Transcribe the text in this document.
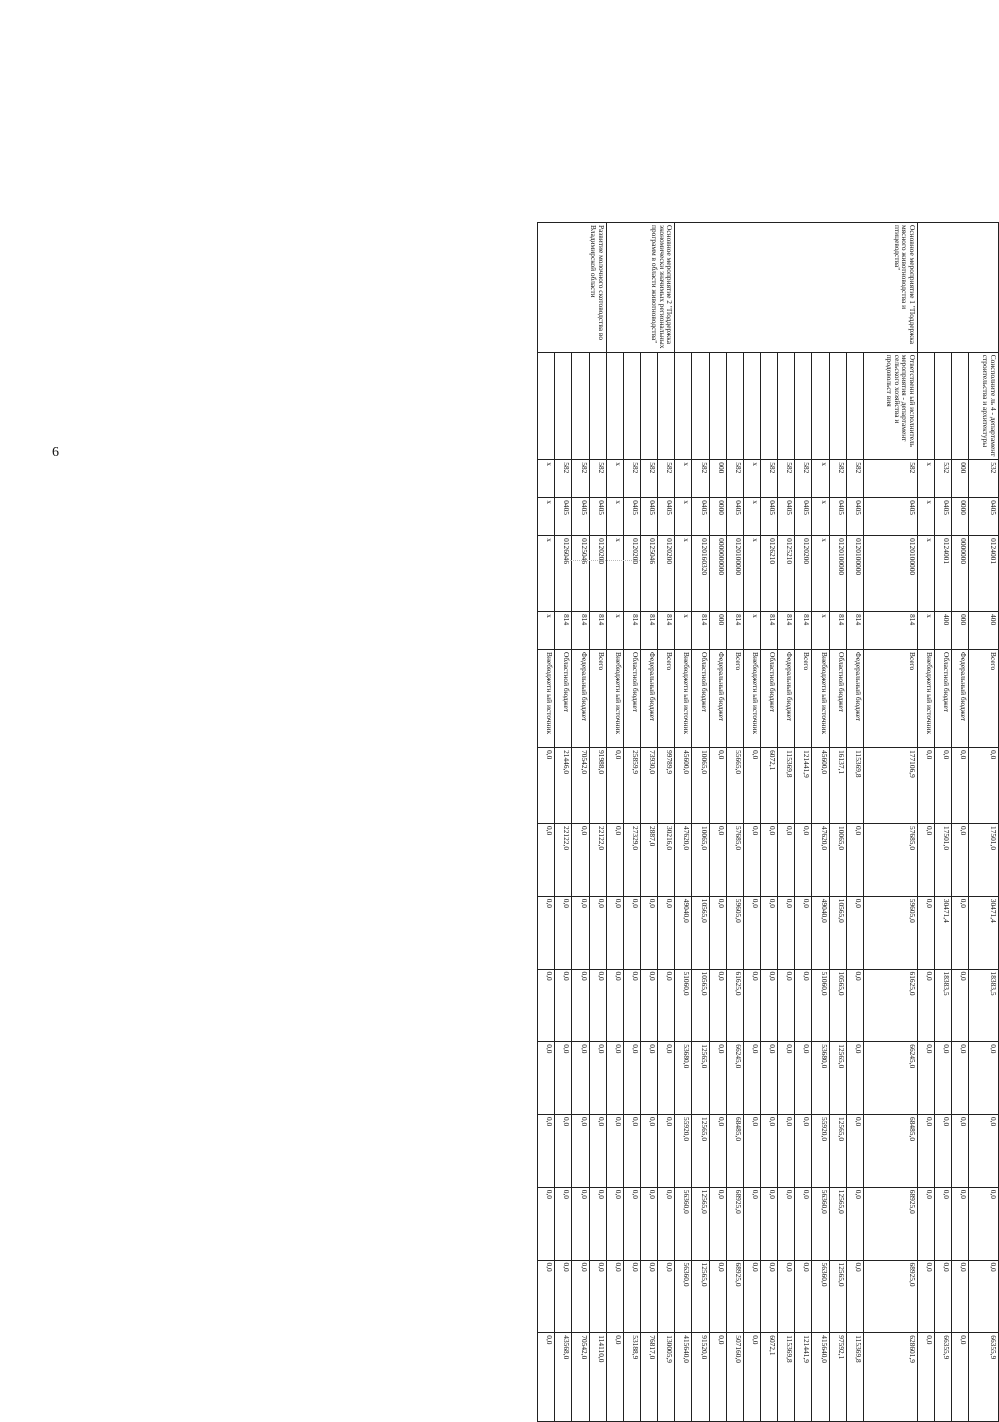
6
		Соисполните ль 4 - департамент строительства и архитектуры	532	0405	0124001	400	Всего	0,0	17501,0	30471,4	18383,5	0,0	0,0	0,0	0,0	66355,9
		000	0000	0000000	000	Федеральный бюджет	0,0	0,0	0,0	0,0	0,0	0,0	0,0	0,0	0,0
		532	0405	0124001	400	Областной бюджет	0,0	17501,0	30471,4	18383,5	0,0	0,0	0,0	0,0	66355,9
		x	x	x	x	Внебюджетн ый источник	0,0	0,0	0,0	0,0	0,0	0,0	0,0	0,0	0,0
Основное мероприятие 1 "Поддержка мясного животноводства и птицеводства"	Ответственн ый исполнитель мероприятия - департамент сельского хозяйства и продовольст вия	582	0405	0120100000	814	Всего	177106,9	57685,0	59605,0	61625,0	66245,0	68485,0	68925,0	68925,0	628601,9
		582	0405	0120100000	814	Федеральный бюджет	115369,8	0,0	0,0	0,0	0,0	0,0	0,0	0,0	115369,8
		582	0405	0120100000	814	Областной бюджет	16137,1	10065,0	10565,0	10565,0	12565,0	12565,0	12565,0	12565,0	97592,1
		x	x	x	x	Внебюджетн ый источник	45600,0	47620,0	49040,0	51060,0	53680,0	55920,0	56360,0	56360,0	415640,0
		582	0405	0120200	814	Всего	121441,9	0,0	0,0	0,0	0,0	0,0	0,0	0,0	121441,9
		582	0405	0125210	814	Федеральный бюджет	115369,8	0,0	0,0	0,0	0,0	0,0	0,0	0,0	115369,8
		582	0405	0126210	814	Областной бюджет	6072,1	0,0	0,0	0,0	0,0	0,0	0,0	0,0	6072,1
		x	x	x	x	Внебюджетн ый источник	0,0	0,0	0,0	0,0	0,0	0,0	0,0	0,0	0,0
		582	0405	0120100000	814	Всего	55665,0	57685,0	59605,0	61625,0	66245,0	68485,0	68925,0	68925,0	507160,0
		000	0000	0000000000	000	Федеральный бюджет	0,0	0,0	0,0	0,0	0,0	0,0	0,0	0,0	0,0
		582	0405	0120160320	814	Областной бюджет	10065,0	10065,0	10565,0	10565,0	12565,0	12565,0	12565,0	12565,0	91520,0
		x	x	x	x	Внебюджетн ый источник	45600,0	47620,0	49040,0	51060,0	53680,0	55920,0	56360,0	56360,0	415640,0
Основное мероприятие 2 "Поддержка экономически значимых региональных программ в области животноводства"		582	0405	0120200	814	Всего	99789,9	30216,0	0,0	0,0	0,0	0,0	0,0	0,0	130005,9
		582	0405	0125046	814	Федеральный бюджет	73930,0	2887,0	0,0	0,0	0,0	0,0	0,0	0,0	76817,0
		582	0405	0120200	814	Областной бюджет	25859,9	27329,0	0,0	0,0	0,0	0,0	0,0	0,0	53188,9
		x	x	x	x	Внебюджетн ый источник	0,0	0,0	0,0	0,0	0,0	0,0	0,0	0,0	0,0
Развитие молочного скотоводства во Владимирской области		582	0405	0120200	814	Всего	91988,0	22122,0	0,0	0,0	0,0	0,0	0,0	0,0	114110,0
		582	0405	0125046	814	Федеральный бюджет	70542,0	0,0	0,0	0,0	0,0	0,0	0,0	0,0	70542,0
		582	0405	0126046	814	Областной бюджет	21446,0	22122,0	0,0	0,0	0,0	0,0	0,0	0,0	43568,0
		x	x	x	x	Внебюджетн ый источник	0,0	0,0	0,0	0,0	0,0	0,0	0,0	0,0	0,0
